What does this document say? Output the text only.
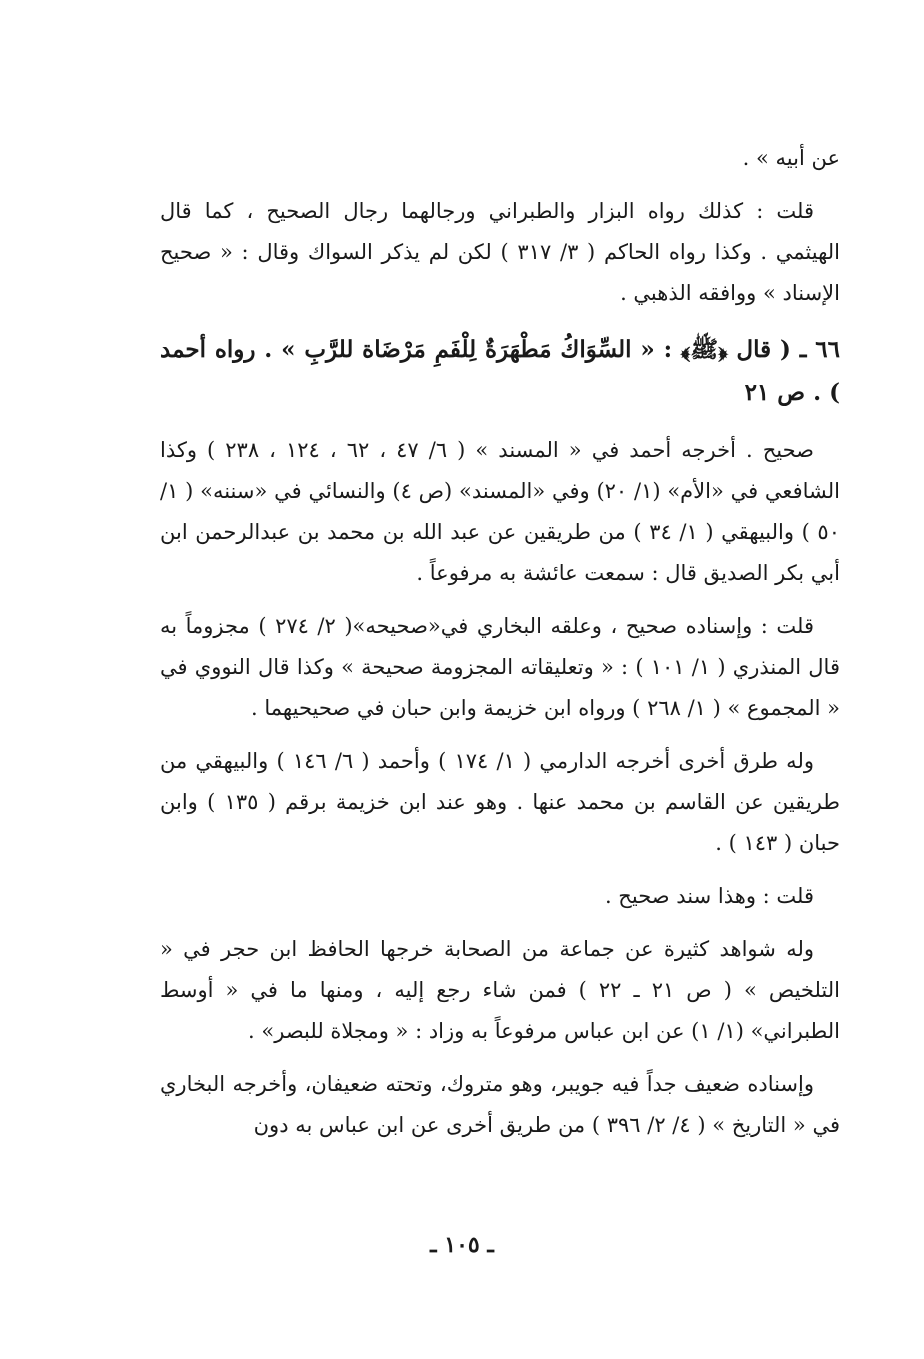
عن أبيه » .

قلت : كذلك رواه البزار والطبراني ورجالهما رجال الصحيح ، كما قال الهيثمي . وكذا رواه الحاكم ( ٣/ ٣١٧ ) لكن لم يذكر السواك وقال : « صحيح الإسناد » ووافقه الذهبي .

٦٦ ـ ( قال ﴿ﷺ﴾ : « السِّوَاكُ مَطْهَرَةٌ لِلْفَمِ مَرْضَاة للرَّبِ » . رواه أحمد ) . ص ٢١

صحيح . أخرجه أحمد في « المسند » ( ٦/ ٤٧ ، ٦٢ ، ١٢٤ ، ٢٣٨ ) وكذا الشافعي في «الأم» (١/ ٢٠) وفي «المسند» (ص ٤) والنسائي في «سننه» ( ١/ ٥٠ ) والبيهقي ( ١/ ٣٤ ) من طريقين عن عبد الله بن محمد بن عبدالرحمن ابن أبي بكر الصديق قال : سمعت عائشة به مرفوعاً .

قلت : وإسناده صحيح ، وعلقه البخاري في«صحيحه»( ٢/ ٢٧٤ ) مجزوماً به قال المنذري ( ١/ ١٠١ ) : « وتعليقاته المجزومة صحيحة » وكذا قال النووي في « المجموع » ( ١/ ٢٦٨ ) ورواه ابن خزيمة وابن حبان في صحيحيهما .

وله طرق أخرى أخرجه الدارمي ( ١/ ١٧٤ ) وأحمد ( ٦/ ١٤٦ ) والبيهقي من طريقين عن القاسم بن محمد عنها . وهو عند ابن خزيمة برقم ( ١٣٥ ) وابن حبان ( ١٤٣ ) .

قلت : وهذا سند صحيح .

وله شواهد كثيرة عن جماعة من الصحابة خرجها الحافظ ابن حجر في « التلخيص » ( ص ٢١ ـ ٢٢ ) فمن شاء رجع إليه ، ومنها ما في « أوسط الطبراني» (١/ ١) عن ابن عباس مرفوعاً به وزاد : « ومجلاة للبصر» .

وإسناده ضعيف جداً فيه جويبر، وهو متروك، وتحته ضعيفان، وأخرجه البخاري في « التاريخ » ( ٤/ ٢/ ٣٩٦ ) من طريق أخرى عن ابن عباس به دون

ـ ١٠٥ ـ
